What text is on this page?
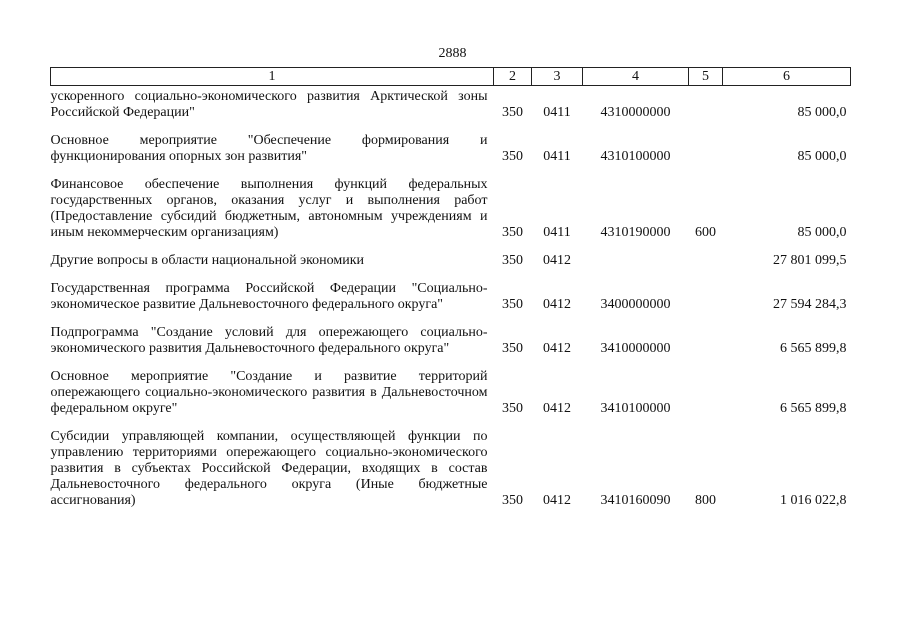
2888
1	2	3	4	5	6
ускоренного социально-экономического развития Арктической зоны Российской Федерации"	350	0411	4310000000		85 000,0
Основное мероприятие "Обеспечение формирования и функционирования опорных зон развития"	350	0411	4310100000		85 000,0
Финансовое обеспечение выполнения функций федеральных государственных органов, оказания услуг и выполнения работ (Предоставление субсидий бюджетным, автономным учреждениям и иным некоммерческим организациям)	350	0411	4310190000	600	85 000,0
Другие вопросы в области национальной экономики	350	0412			27 801 099,5
Государственная программа Российской Федерации "Социально-экономическое развитие Дальневосточного федерального округа"	350	0412	3400000000		27 594 284,3
Подпрограмма "Создание условий для опережающего социально-экономического развития Дальневосточного федерального округа"	350	0412	3410000000		6 565 899,8
Основное мероприятие "Создание и развитие территорий опережающего социально-экономического развития в Дальневосточном федеральном округе"	350	0412	3410100000		6 565 899,8
Субсидии управляющей компании, осуществляющей функции по управлению территориями опережающего социально-экономического развития в субъектах Российской Федерации, входящих в состав Дальневосточного федерального округа (Иные бюджетные ассигнования)	350	0412	3410160090	800	1 016 022,8
